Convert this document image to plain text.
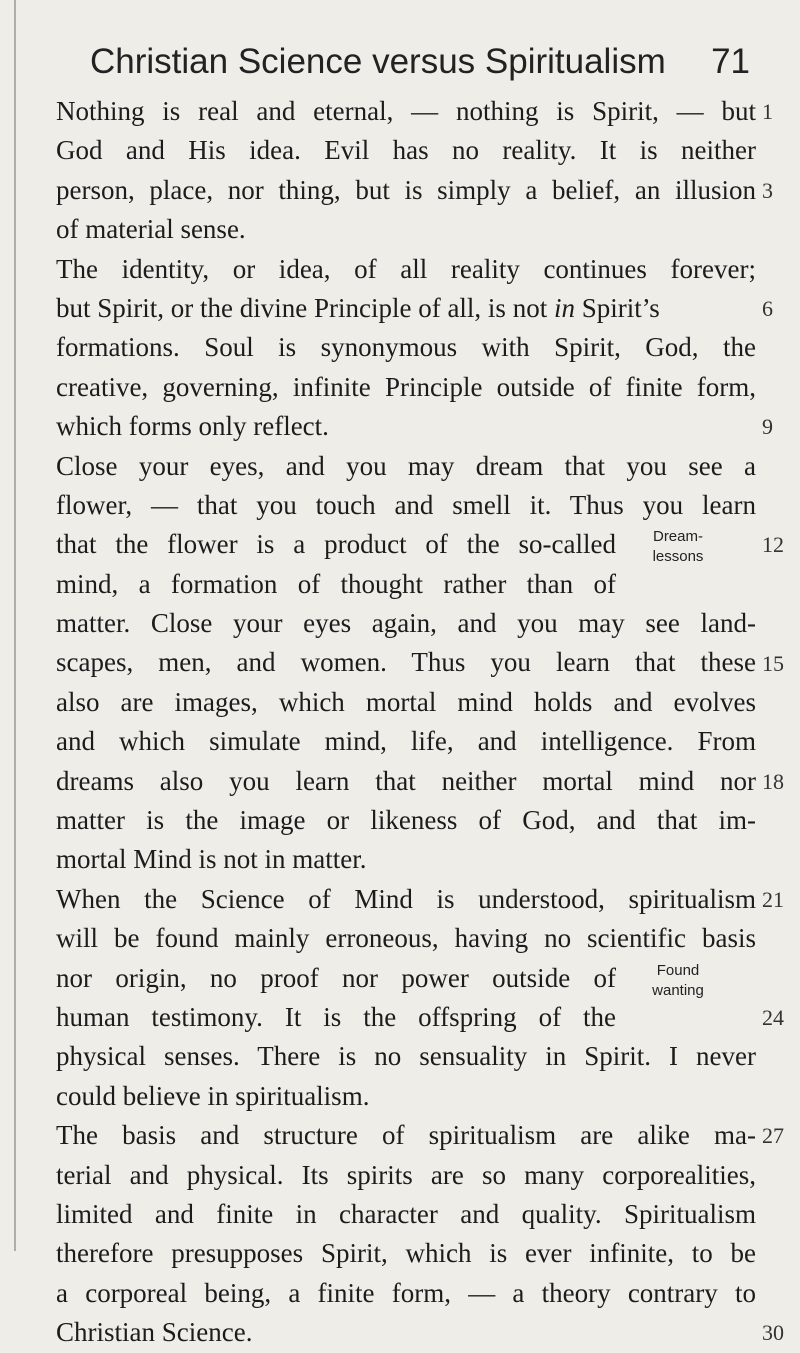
Christian Science versus Spiritualism 71
Nothing is real and eternal, — nothing is Spirit, — but
God and His idea. Evil has no reality. It is neither
person, place, nor thing, but is simply a belief, an illusion
of material sense.
The identity, or idea, of all reality continues forever;
but Spirit, or the divine Principle of all, is not in Spirit’s
formations. Soul is synonymous with Spirit, God, the
creative, governing, infinite Principle outside of finite form,
which forms only reflect.
Close your eyes, and you may dream that you see a
flower, — that you touch and smell it. Thus you learn
that the flower is a product of the so-called
mind, a formation of thought rather than of
matter. Close your eyes again, and you may see land-
scapes, men, and women. Thus you learn that these
also are images, which mortal mind holds and evolves
and which simulate mind, life, and intelligence. From
dreams also you learn that neither mortal mind nor
matter is the image or likeness of God, and that im-
mortal Mind is not in matter.
When the Science of Mind is understood, spiritualism
will be found mainly erroneous, having no scientific basis
nor origin, no proof nor power outside of
human testimony. It is the offspring of the
physical senses. There is no sensuality in Spirit. I never
could believe in spiritualism.
The basis and structure of spiritualism are alike ma-
terial and physical. Its spirits are so many corporealities,
limited and finite in character and quality. Spiritualism
therefore presupposes Spirit, which is ever infinite, to be
a corporeal being, a finite form, — a theory contrary to
Christian Science.
1
3
6
9
12
15
18
21
24
27
30
Dream-
lessons
Found
wanting
